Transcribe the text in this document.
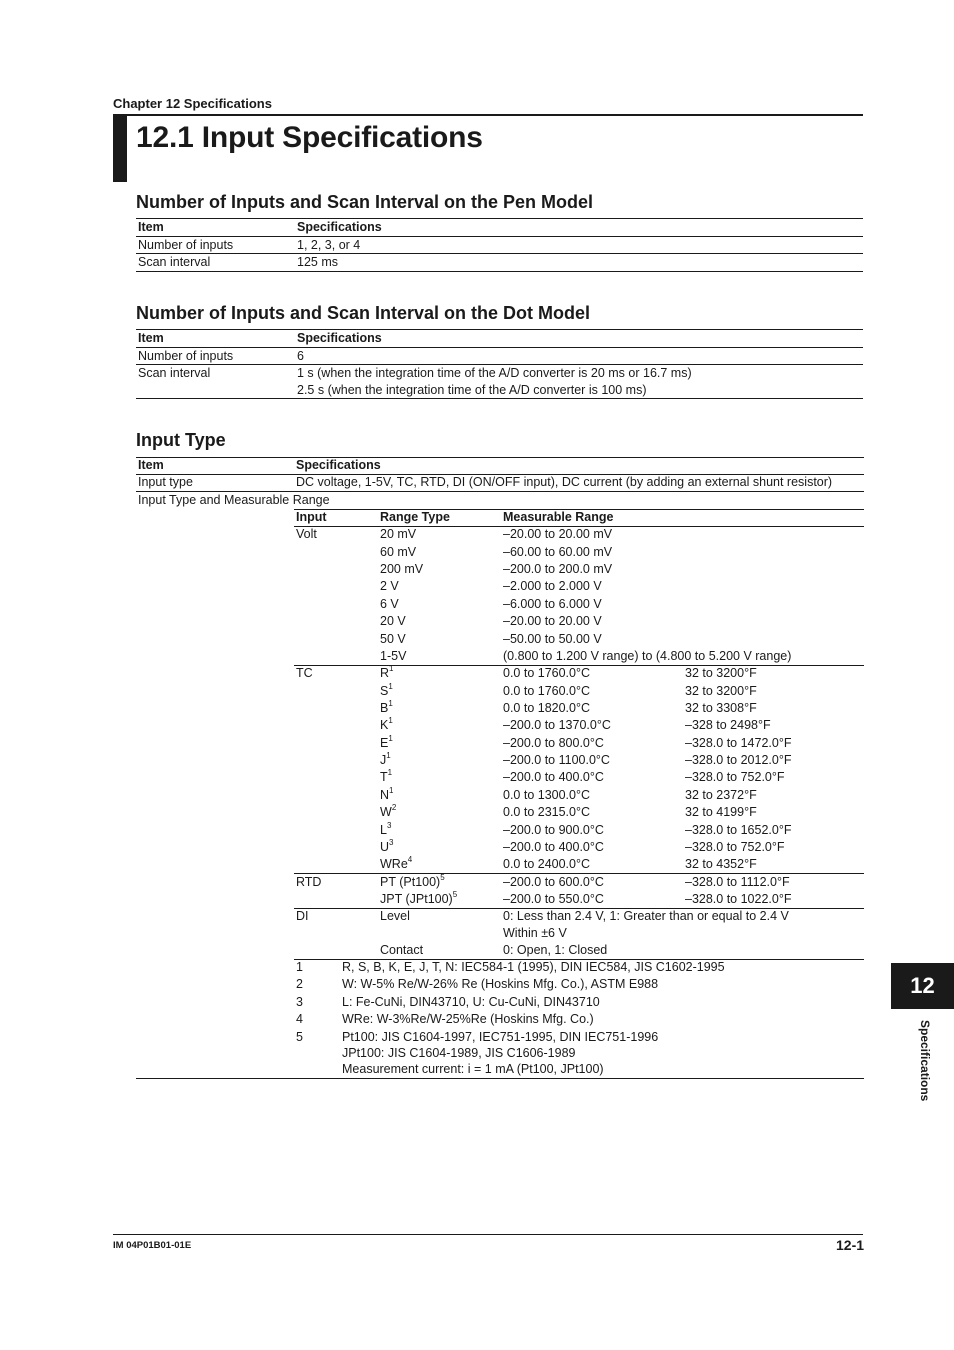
Chapter 12 Specifications
12.1 Input Specifications
Number of Inputs and Scan Interval on the Pen Model
Item	Specifications
Number of inputs	1, 2, 3, or 4
Scan interval	125 ms
Number of Inputs and Scan Interval on the Dot Model
Item	Specifications
Number of inputs	6
Scan interval	1 s (when the integration time of the A/D converter is 20 ms or 16.7 ms)
2.5 s (when the integration time of the A/D converter is 100 ms)
Input Type
Item	Specifications
Input type	DC voltage, 1-5V, TC, RTD, DI (ON/OFF input), DC current (by adding an external shunt resistor)
Input Type and Measurable Range
Input	Range Type	Measurable Range
Volt	20 mV	–20.00 to 20.00 mV
60 mV	–60.00 to 60.00 mV
200 mV	–200.0 to 200.0 mV
2 V	–2.000 to 2.000 V
6 V	–6.000 to 6.000 V
20 V	–20.00 to 20.00 V
50 V	–50.00 to 50.00 V
1-5V	(0.800 to 1.200 V range) to (4.800 to 5.200 V range)
TC	$R^1$	0.0 to 1760.0°C	32 to 3200°F
$S^1$	0.0 to 1760.0°C	32 to 3200°F
$B^1$	0.0 to 1820.0°C	32 to 3308°F
$K^1$	–200.0 to 1370.0°C	–328 to 2498°F
$E^1$	–200.0 to 800.0°C	–328.0 to 1472.0°F
$J^1$	–200.0 to 1100.0°C	–328.0 to 2012.0°F
$T^1$	–200.0 to 400.0°C	–328.0 to 752.0°F
$N^1$	0.0 to 1300.0°C	32 to 2372°F
$W^2$	0.0 to 2315.0°C	32 to 4199°F
$L^3$	–200.0 to 900.0°C	–328.0 to 1652.0°F
$U^3$	–200.0 to 400.0°C	–328.0 to 752.0°F
WRe$^4$	0.0 to 2400.0°C	32 to 4352°F
RTD	PT $(Pt100)^5$	–200.0 to 600.0°C	–328.0 to 1112.0°F
JPT $(JPt100)^5$	–200.0 to 550.0°C	–328.0 to 1022.0°F
DI	Level	0: Less than 2.4 V, 1: Greater than or equal to 2.4 V
Within ±6 V
Contact	0: Open, 1: Closed
1	R, S, B, K, E, J, T, N: IEC584-1 (1995), DIN IEC584, JIS C1602-1995
2	W: W-5% Re/W-26% Re (Hoskins Mfg. Co.), ASTM E988
3	L: Fe-CuNi, DIN43710, U: Cu-CuNi, DIN43710
4	WRe: W-3%Re/W-25%Re (Hoskins Mfg. Co.)
5	Pt100: JIS C1604-1997, IEC751-1995, DIN IEC751-1996
JPt100: JIS C1604-1989, JIS C1606-1989
Measurement current: i = 1 mA (Pt100, JPt100)
12
Specifications
IM 04P01B01-01E	12-1
